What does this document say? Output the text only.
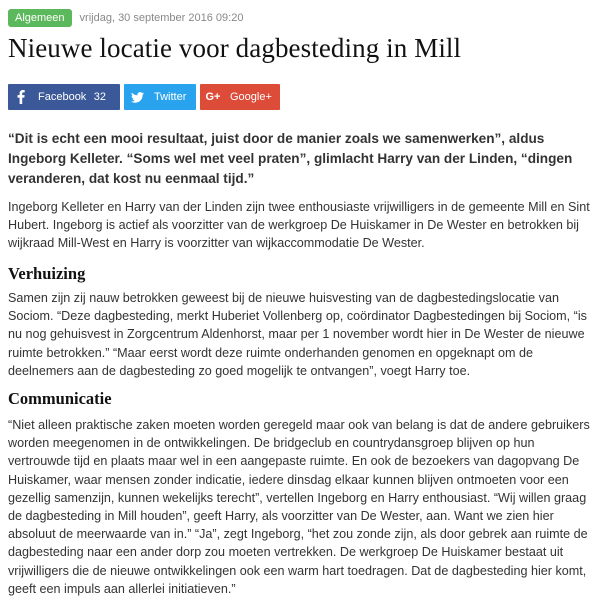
Algemeen	vrijdag, 30 september 2016 09:20
Nieuwe locatie voor dagbesteding in Mill
Facebook 32	Twitter	G+ Google+

“Dit is echt een mooi resultaat, juist door de manier zoals we samenwerken”, aldus Ingeborg Kelleter. “Soms wel met veel praten”, glimlacht Harry van der Linden, “dingen veranderen, dat kost nu eenmaal tijd.”

Ingeborg Kelleter en Harry van der Linden zijn twee enthousiaste vrijwilligers in de gemeente Mill en Sint Hubert. Ingeborg is actief als voorzitter van de werkgroep De Huiskamer in De Wester en betrokken bij wijkraad Mill-West en Harry is voorzitter van wijkaccommodatie De Wester.

Verhuizing

Samen zijn zij nauw betrokken geweest bij de nieuwe huisvesting van de dagbestedingslocatie van Sociom. “Deze dagbesteding, merkt Huberiet Vollenberg op, coördinator Dagbestedingen bij Sociom, “is nu nog gehuisvest in Zorgcentrum Aldenhorst, maar per 1 november wordt hier in De Wester de nieuwe ruimte betrokken.” “Maar eerst wordt deze ruimte onderhanden genomen en opgeknapt om de deelnemers aan de dagbesteding zo goed mogelijk te ontvangen”, voegt Harry toe.

Communicatie

“Niet alleen praktische zaken moeten worden geregeld maar ook van belang is dat de andere gebruikers worden meegenomen in de ontwikkelingen. De bridgeclub en countrydansgroep blijven op hun vertrouwde tijd en plaats maar wel in een aangepaste ruimte. En ook de bezoekers van dagopvang De Huiskamer, waar mensen zonder indicatie, iedere dinsdag elkaar kunnen blijven ontmoeten voor een gezellig samenzijn, kunnen wekelijks terecht”, vertellen Ingeborg en Harry enthousiast. “Wij willen graag de dagbesteding in Mill houden”, geeft Harry, als voorzitter van De Wester, aan. Want we zien hier absoluut de meerwaarde van in.” “Ja”, zegt Ingeborg, “het zou zonde zijn, als door gebrek aan ruimte de dagbesteding naar een ander dorp zou moeten vertrekken. De werkgroep De Huiskamer bestaat uit vrijwilligers die de nieuwe ontwikkelingen ook een warm hart toedragen. Dat de dagbesteding hier komt, geeft een impuls aan allerlei initiatieven.”
